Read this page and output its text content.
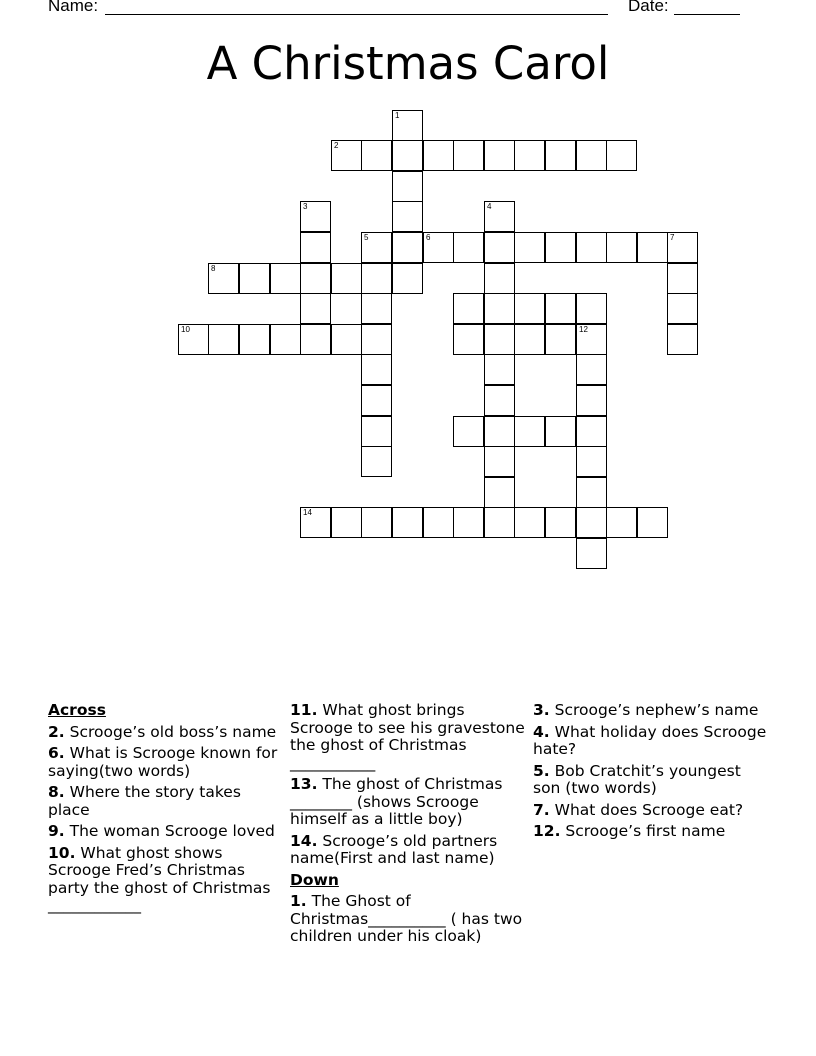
Name:	Date:
A Christmas Carol
1
2
3	4
5	6	7
8
10	12
14
Across
2. Scrooge’s old boss’s name
6. What is Scrooge known for saying(two words)
8. Where the story takes place
9. The woman Scrooge loved
10. What ghost shows Scrooge Fred’s Christmas party the ghost of Christmas ____________
11. What ghost brings Scrooge to see his gravestone the ghost of Christmas ___________
13. The ghost of Christmas ________ (shows Scrooge himself as a little boy)
14. Scrooge’s old partners name(First and last name)
Down
1. The Ghost of Christmas__________ ( has two children under his cloak)
3. Scrooge’s nephew’s name
4. What holiday does Scrooge hate?
5. Bob Cratchit’s youngest son (two words)
7. What does Scrooge eat?
12. Scrooge’s first name
